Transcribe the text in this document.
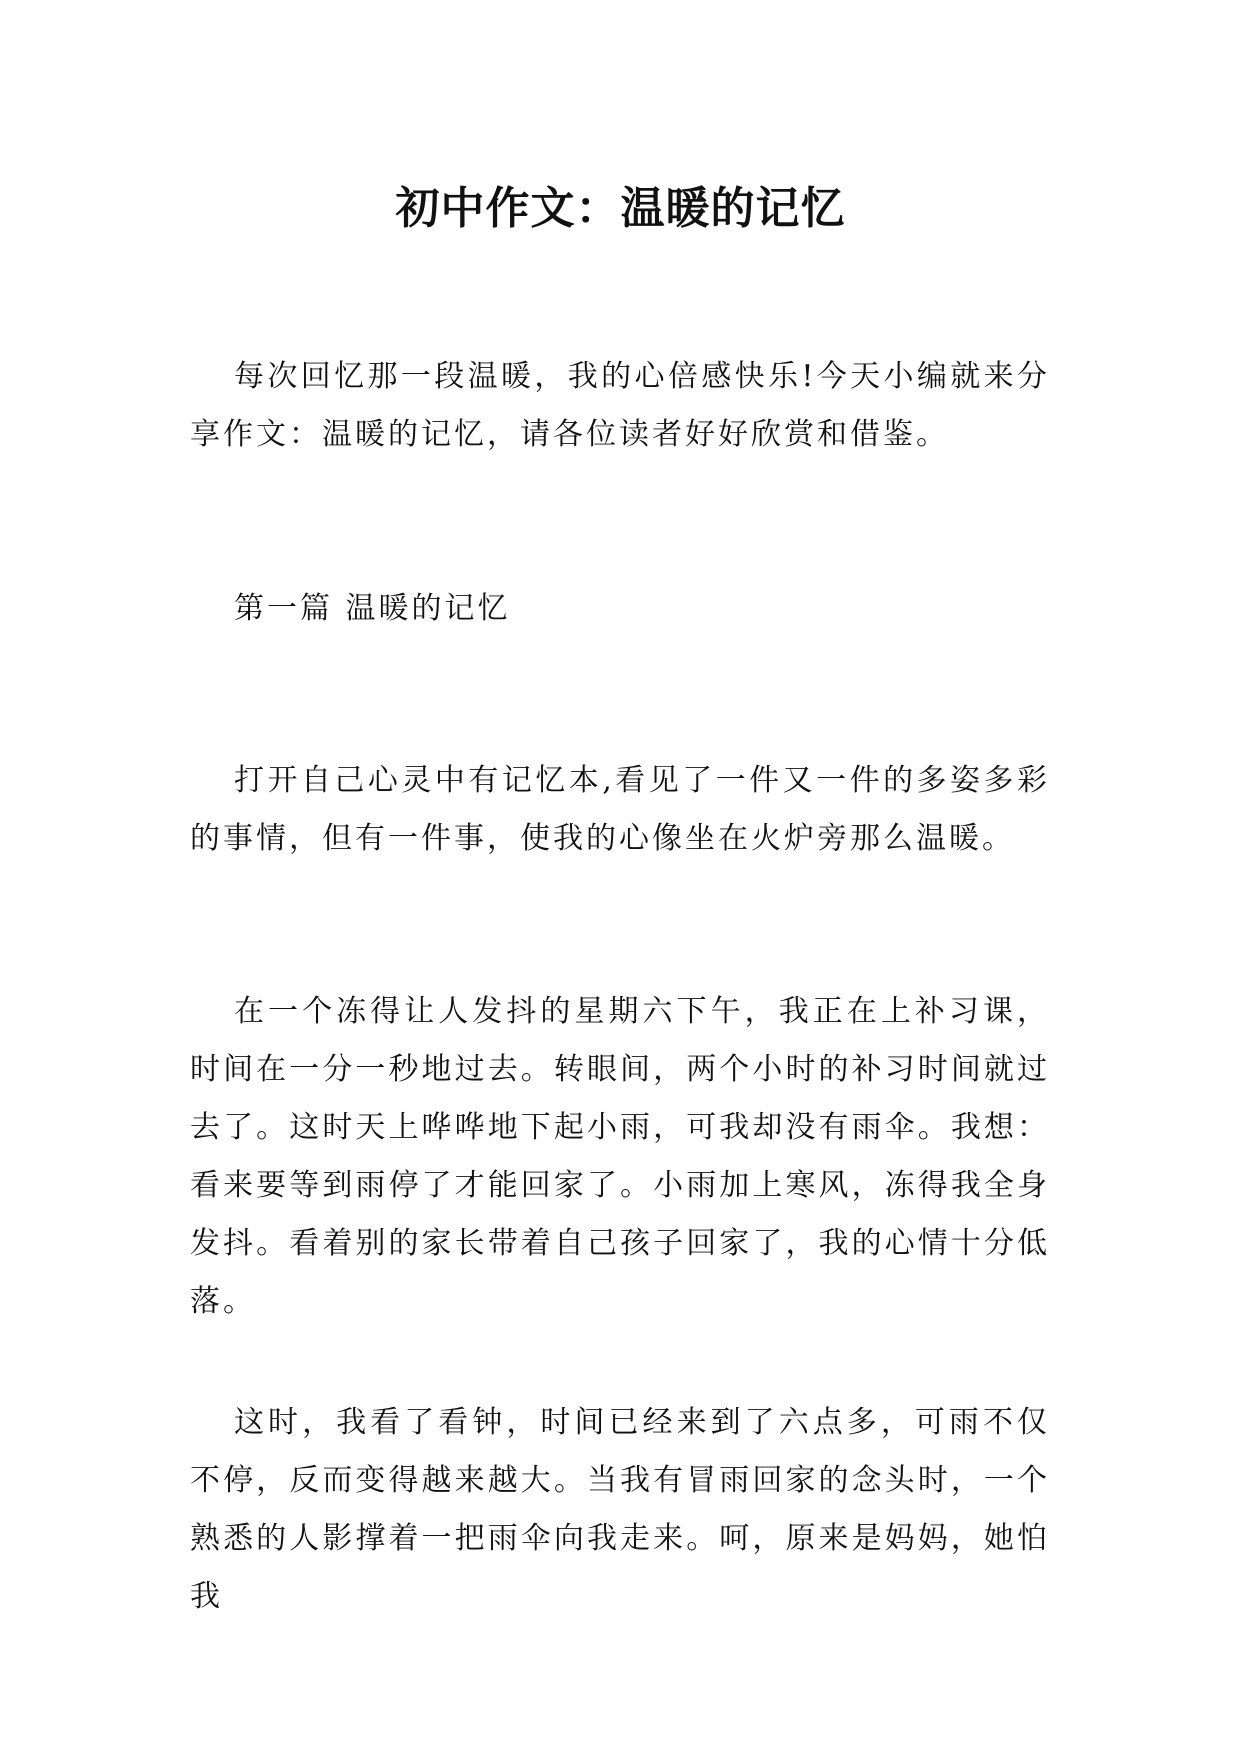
初中作文：温暖的记忆

每次回忆那一段温暖，我的心倍感快乐!今天小编就来分享作文：温暖的记忆，请各位读者好好欣赏和借鉴。

第一篇 温暖的记忆

打开自己心灵中有记忆本,看见了一件又一件的多姿多彩的事情，但有一件事，使我的心像坐在火炉旁那么温暖。

在一个冻得让人发抖的星期六下午，我正在上补习课，时间在一分一秒地过去。转眼间，两个小时的补习时间就过去了。这时天上哗哗地下起小雨，可我却没有雨伞。我想：看来要等到雨停了才能回家了。小雨加上寒风，冻得我全身发抖。看着别的家长带着自己孩子回家了，我的心情十分低落。

这时，我看了看钟，时间已经来到了六点多，可雨不仅不停，反而变得越来越大。当我有冒雨回家的念头时，一个熟悉的人影撑着一把雨伞向我走来。呵，原来是妈妈，她怕我
